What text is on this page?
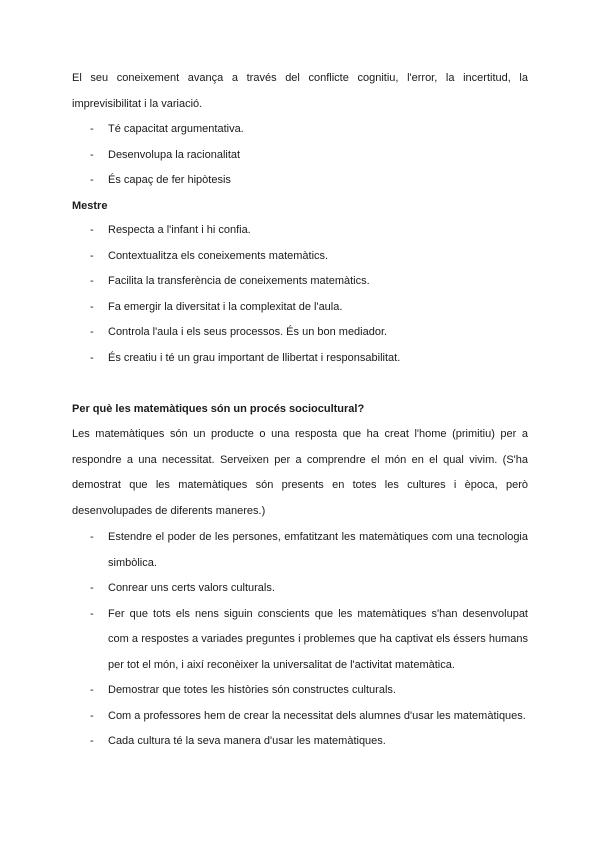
El seu coneixement avança a través del conflicte cognitiu, l'error, la incertitud, la imprevisibilitat i la variació.

- Té capacitat argumentativa.
- Desenvolupa la racionalitat
- És capaç de fer hipòtesis

Mestre

- Respecta a l'infant i hi confia.
- Contextualitza els coneixements matemàtics.
- Facilita la transferència de coneixements matemàtics.
- Fa emergir la diversitat i la complexitat de l'aula.
- Controla l'aula i els seus processos. És un bon mediador.
- És creatiu i té un grau important de llibertat i responsabilitat.

Per què les matemàtiques són un procés sociocultural?

Les matemàtiques són un producte o una resposta que ha creat l'home (primitiu) per a respondre a una necessitat. Serveixen per a comprendre el món en el qual vivim. (S'ha demostrat que les matemàtiques són presents en totes les cultures i època, però desenvolupades de diferents maneres.)

- Estendre el poder de les persones, emfatitzant les matemàtiques com una tecnologia simbòlica.
- Conrear uns certs valors culturals.
- Fer que tots els nens siguin conscients que les matemàtiques s'han desenvolupat com a respostes a variades preguntes i problemes que ha captivat els éssers humans per tot el món, i així reconèixer la universalitat de l'activitat matemàtica.
- Demostrar que totes les històries són constructes culturals.
- Com a professores hem de crear la necessitat dels alumnes d'usar les matemàtiques.
- Cada cultura té la seva manera d'usar les matemàtiques.
